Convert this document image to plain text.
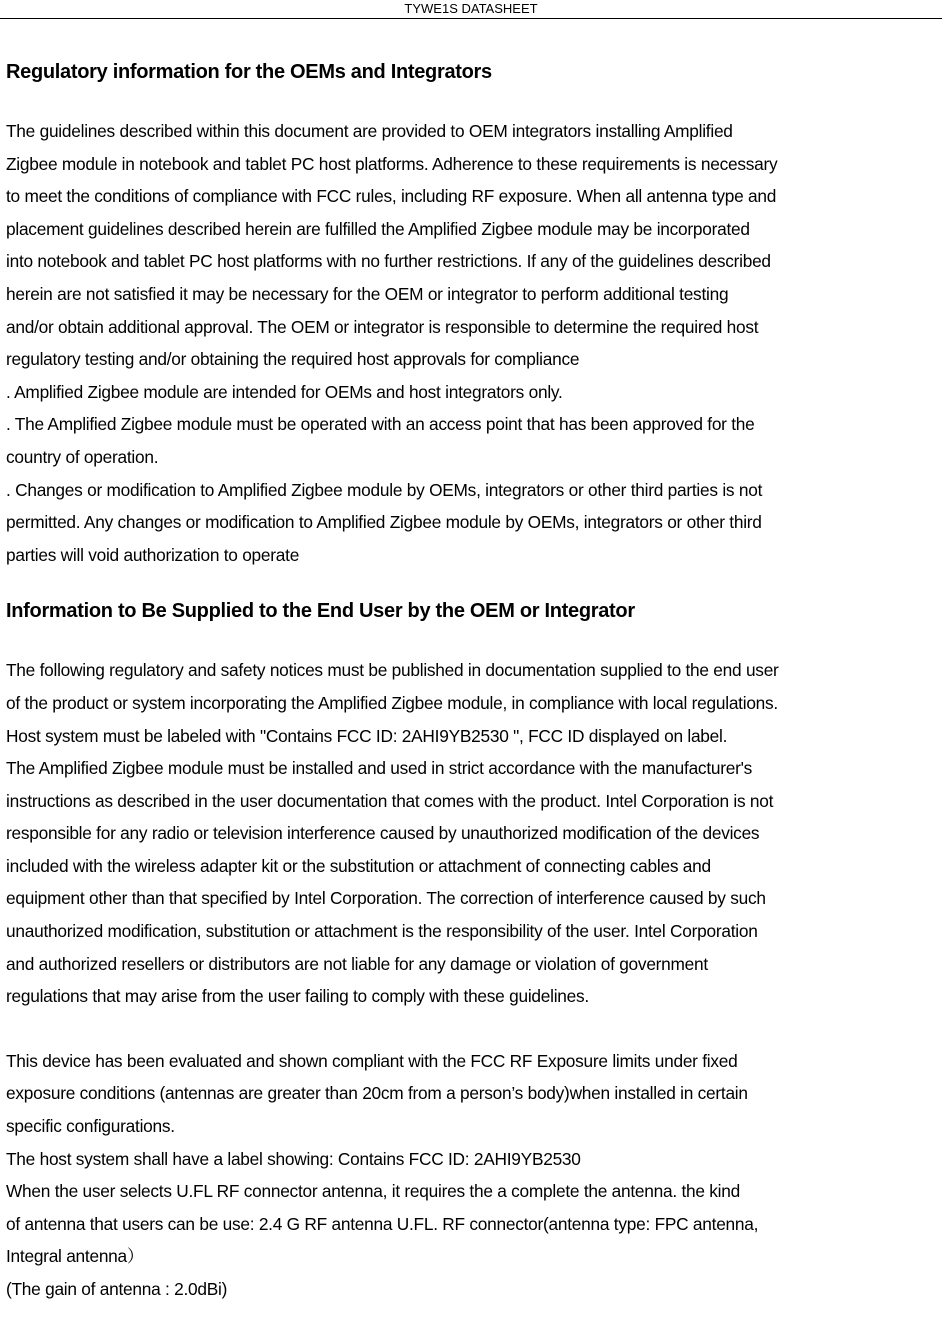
TYWE1S DATASHEET
Regulatory information for the OEMs and Integrators
The guidelines described within this document are provided to OEM integrators installing Amplified
Zigbee module in notebook and tablet PC host platforms. Adherence to these requirements is necessary
to meet the conditions of compliance with FCC rules, including RF exposure. When all antenna type and
placement guidelines described herein are fulfilled the Amplified Zigbee module may be incorporated
into notebook and tablet PC host platforms with no further restrictions. If any of the guidelines described
herein are not satisfied it may be necessary for the OEM or integrator to perform additional testing
and/or obtain additional approval. The OEM or integrator is responsible to determine the required host
regulatory testing and/or obtaining the required host approvals for compliance
. Amplified Zigbee module are intended for OEMs and host integrators only.
. The Amplified Zigbee module must be operated with an access point that has been approved for the
country of operation.
. Changes or modification to Amplified Zigbee module by OEMs, integrators or other third parties is not
permitted. Any changes or modification to Amplified Zigbee module by OEMs, integrators or other third
parties will void authorization to operate
Information to Be Supplied to the End User by the OEM or Integrator
The following regulatory and safety notices must be published in documentation supplied to the end user
of the product or system incorporating the Amplified Zigbee module, in compliance with local regulations.
Host system must be labeled with "Contains FCC ID: 2AHI9YB2530 ", FCC ID displayed on label.
The Amplified Zigbee module must be installed and used in strict accordance with the manufacturer's
instructions as described in the user documentation that comes with the product. Intel Corporation is not
responsible for any radio or television interference caused by unauthorized modification of the devices
included with the wireless adapter kit or the substitution or attachment of connecting cables and
equipment other than that specified by Intel Corporation. The correction of interference caused by such
unauthorized modification, substitution or attachment is the responsibility of the user. Intel Corporation
and authorized resellers or distributors are not liable for any damage or violation of government
regulations that may arise from the user failing to comply with these guidelines.
This device has been evaluated and shown compliant with the FCC RF Exposure limits under fixed
exposure conditions (antennas are greater than 20cm from a person’s body)when installed in certain
specific configurations.
The host system shall have a label showing: Contains FCC ID: 2AHI9YB2530
When the user selects U.FL RF connector antenna, it requires the a complete the antenna. the kind
of antenna that users can be use: 2.4 G RF antenna U.FL. RF connector(antenna type: FPC antenna,
Integral antenna）
(The gain of antenna : 2.0dBi)
